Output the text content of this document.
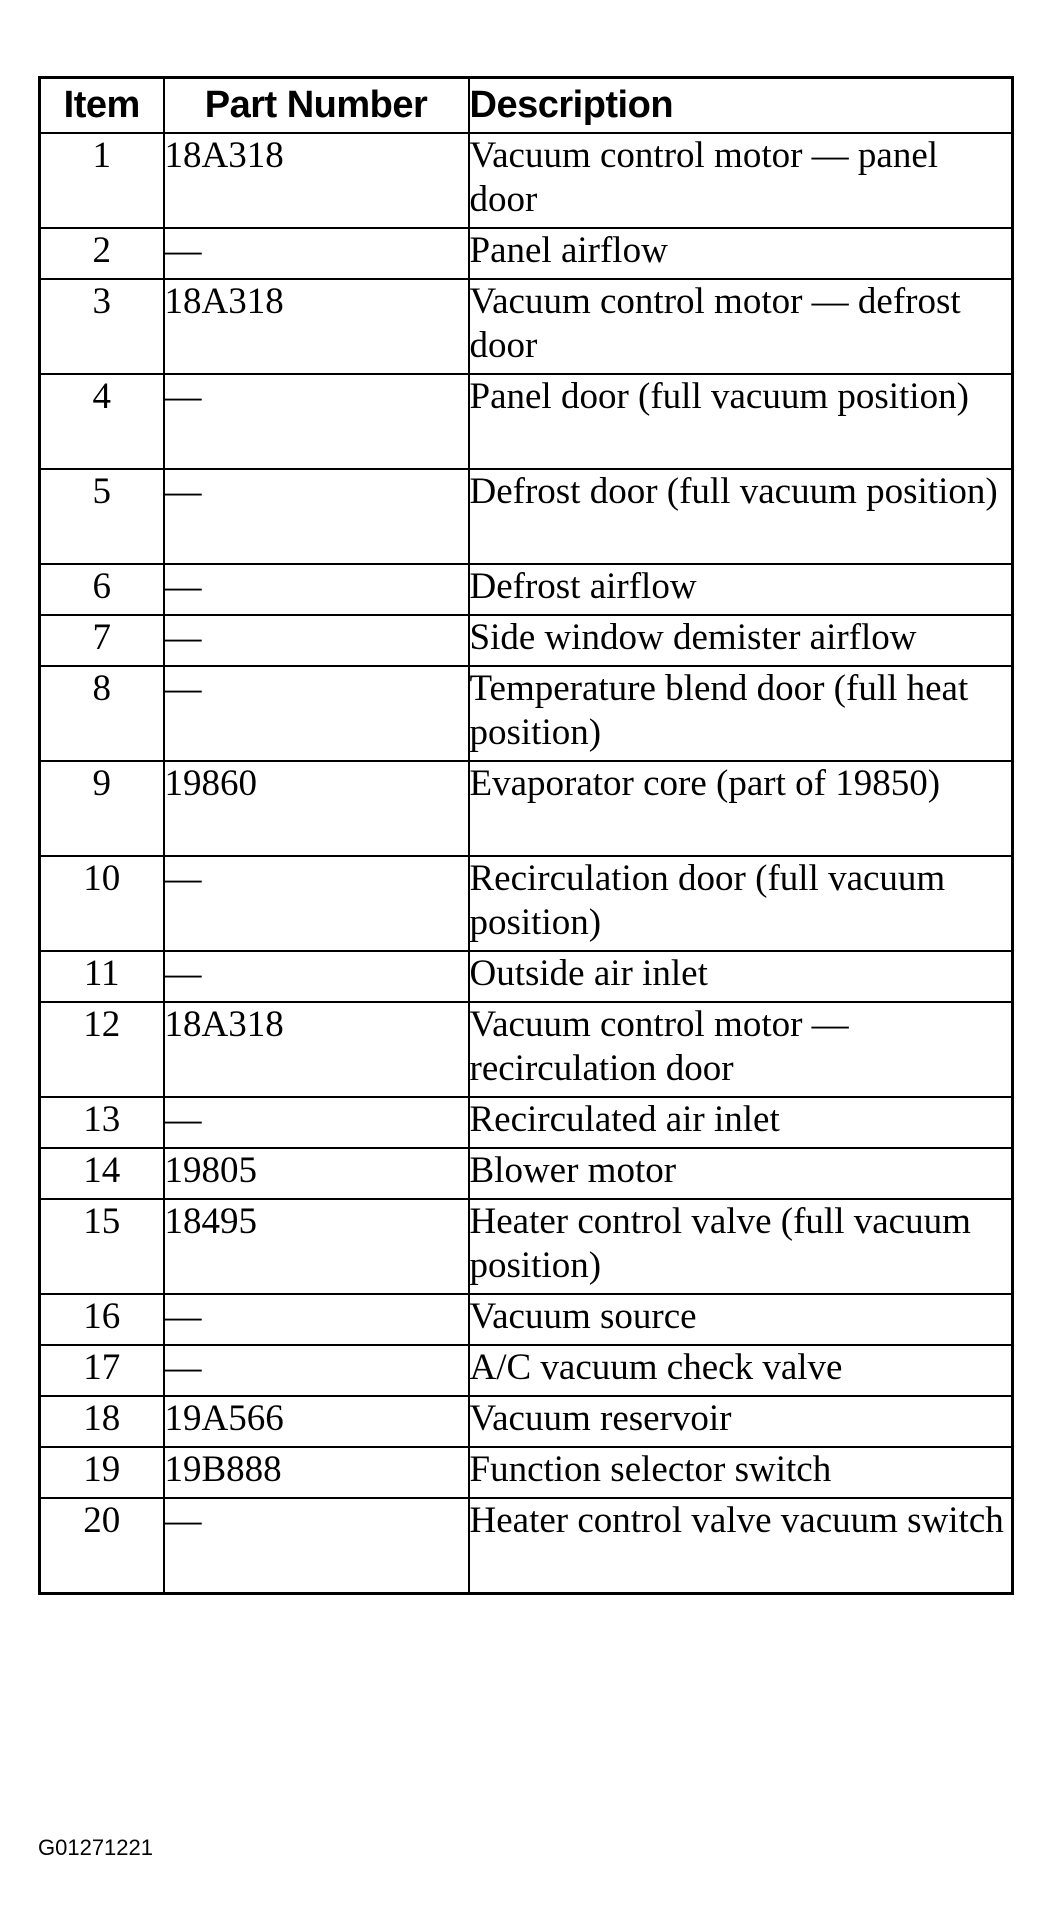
Item	Part Number	Description
1	18A318	Vacuum control motor — panel door
2	—	Panel airflow
3	18A318	Vacuum control motor — defrost door
4	—	Panel door (full vacuum position)
5	—	Defrost door (full vacuum position)
6	—	Defrost airflow
7	—	Side window demister airflow
8	—	Temperature blend door (full heat position)
9	19860	Evaporator core (part of 19850)
10	—	Recirculation door (full vacuum position)
11	—	Outside air inlet
12	18A318	Vacuum control motor — recirculation door
13	—	Recirculated air inlet
14	19805	Blower motor
15	18495	Heater control valve (full vacuum position)
16	—	Vacuum source
17	—	A/C vacuum check valve
18	19A566	Vacuum reservoir
19	19B888	Function selector switch
20	—	Heater control valve vacuum switch
G01271221
